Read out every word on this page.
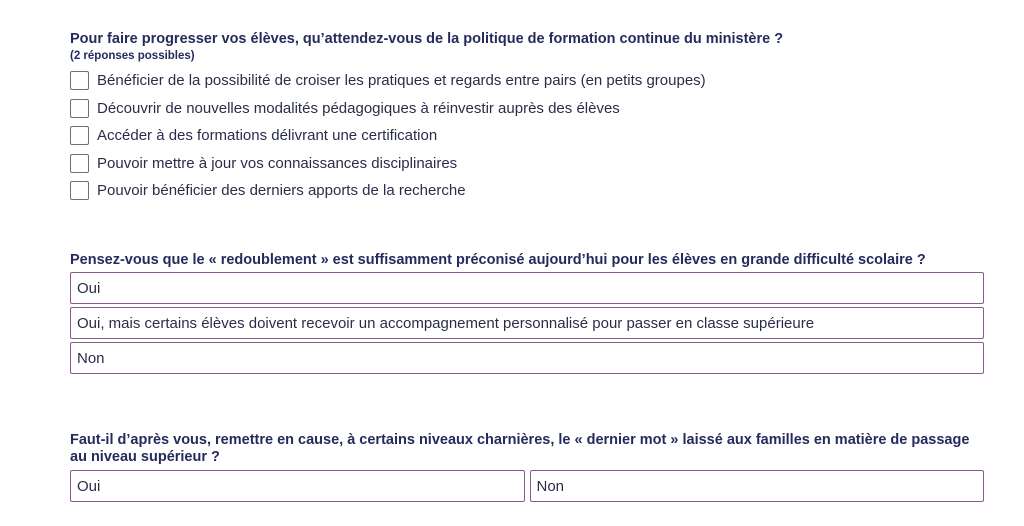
Pour faire progresser vos élèves, qu’attendez-vous de la politique de formation continue du ministère ?
(2 réponses possibles)
Bénéficier de la possibilité de croiser les pratiques et regards entre pairs (en petits groupes)
Découvrir de nouvelles modalités pédagogiques à réinvestir auprès des élèves
Accéder à des formations délivrant une certification
Pouvoir mettre à jour vos connaissances disciplinaires
Pouvoir bénéficier des derniers apports de la recherche
Pensez-vous que le « redoublement » est suffisamment préconisé aujourd’hui pour les élèves en grande difficulté scolaire ?
Oui
Oui, mais certains élèves doivent recevoir un accompagnement personnalisé pour passer en classe supérieure
Non
Faut-il d’après vous, remettre en cause, à certains niveaux charnières, le « dernier mot » laissé aux familles en matière de passage au niveau supérieur ?
Oui	Non
